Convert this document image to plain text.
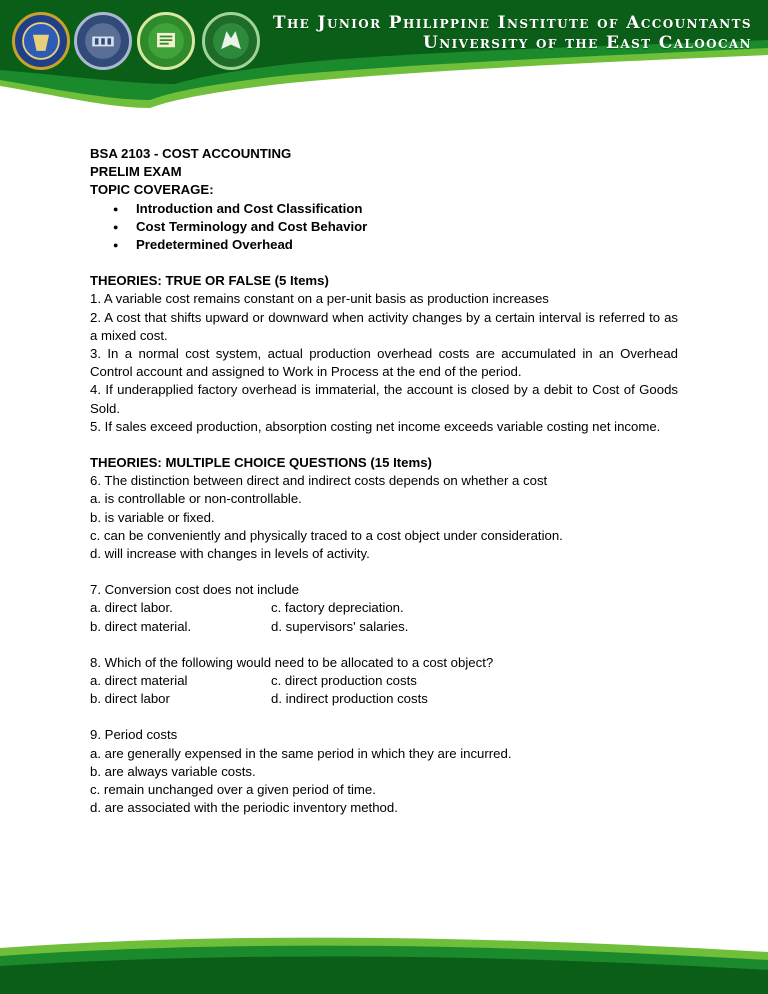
The Junior Philippine Institute of Accountants
University of the East Caloocan

BSA 2103 - COST ACCOUNTING

PRELIM EXAM

TOPIC COVERAGE:

● Introduction and Cost Classification
● Cost Terminology and Cost Behavior
● Predetermined Overhead

THEORIES: TRUE OR FALSE (5 Items)

1. A variable cost remains constant on a per-unit basis as production increases

2. A cost that shifts upward or downward when activity changes by a certain interval is referred to as a mixed cost.

3. In a normal cost system, actual production overhead costs are accumulated in an Overhead Control account and assigned to Work in Process at the end of the period.

4. If underapplied factory overhead is immaterial, the account is closed by a debit to Cost of Goods Sold.

5. If sales exceed production, absorption costing net income exceeds variable costing net income.

THEORIES: MULTIPLE CHOICE QUESTIONS (15 Items)

6. The distinction between direct and indirect costs depends on whether a cost

a. is controllable or non-controllable.

b. is variable or fixed.

c. can be conveniently and physically traced to a cost object under consideration.

d. will increase with changes in levels of activity.

7. Conversion cost does not include

a. direct labor.	c. factory depreciation.
b. direct material.	d. supervisors' salaries.

8. Which of the following would need to be allocated to a cost object?

a. direct material	c. direct production costs
b. direct labor	d. indirect production costs

9. Period costs

a. are generally expensed in the same period in which they are incurred.

b. are always variable costs.

c. remain unchanged over a given period of time.

d. are associated with the periodic inventory method.
